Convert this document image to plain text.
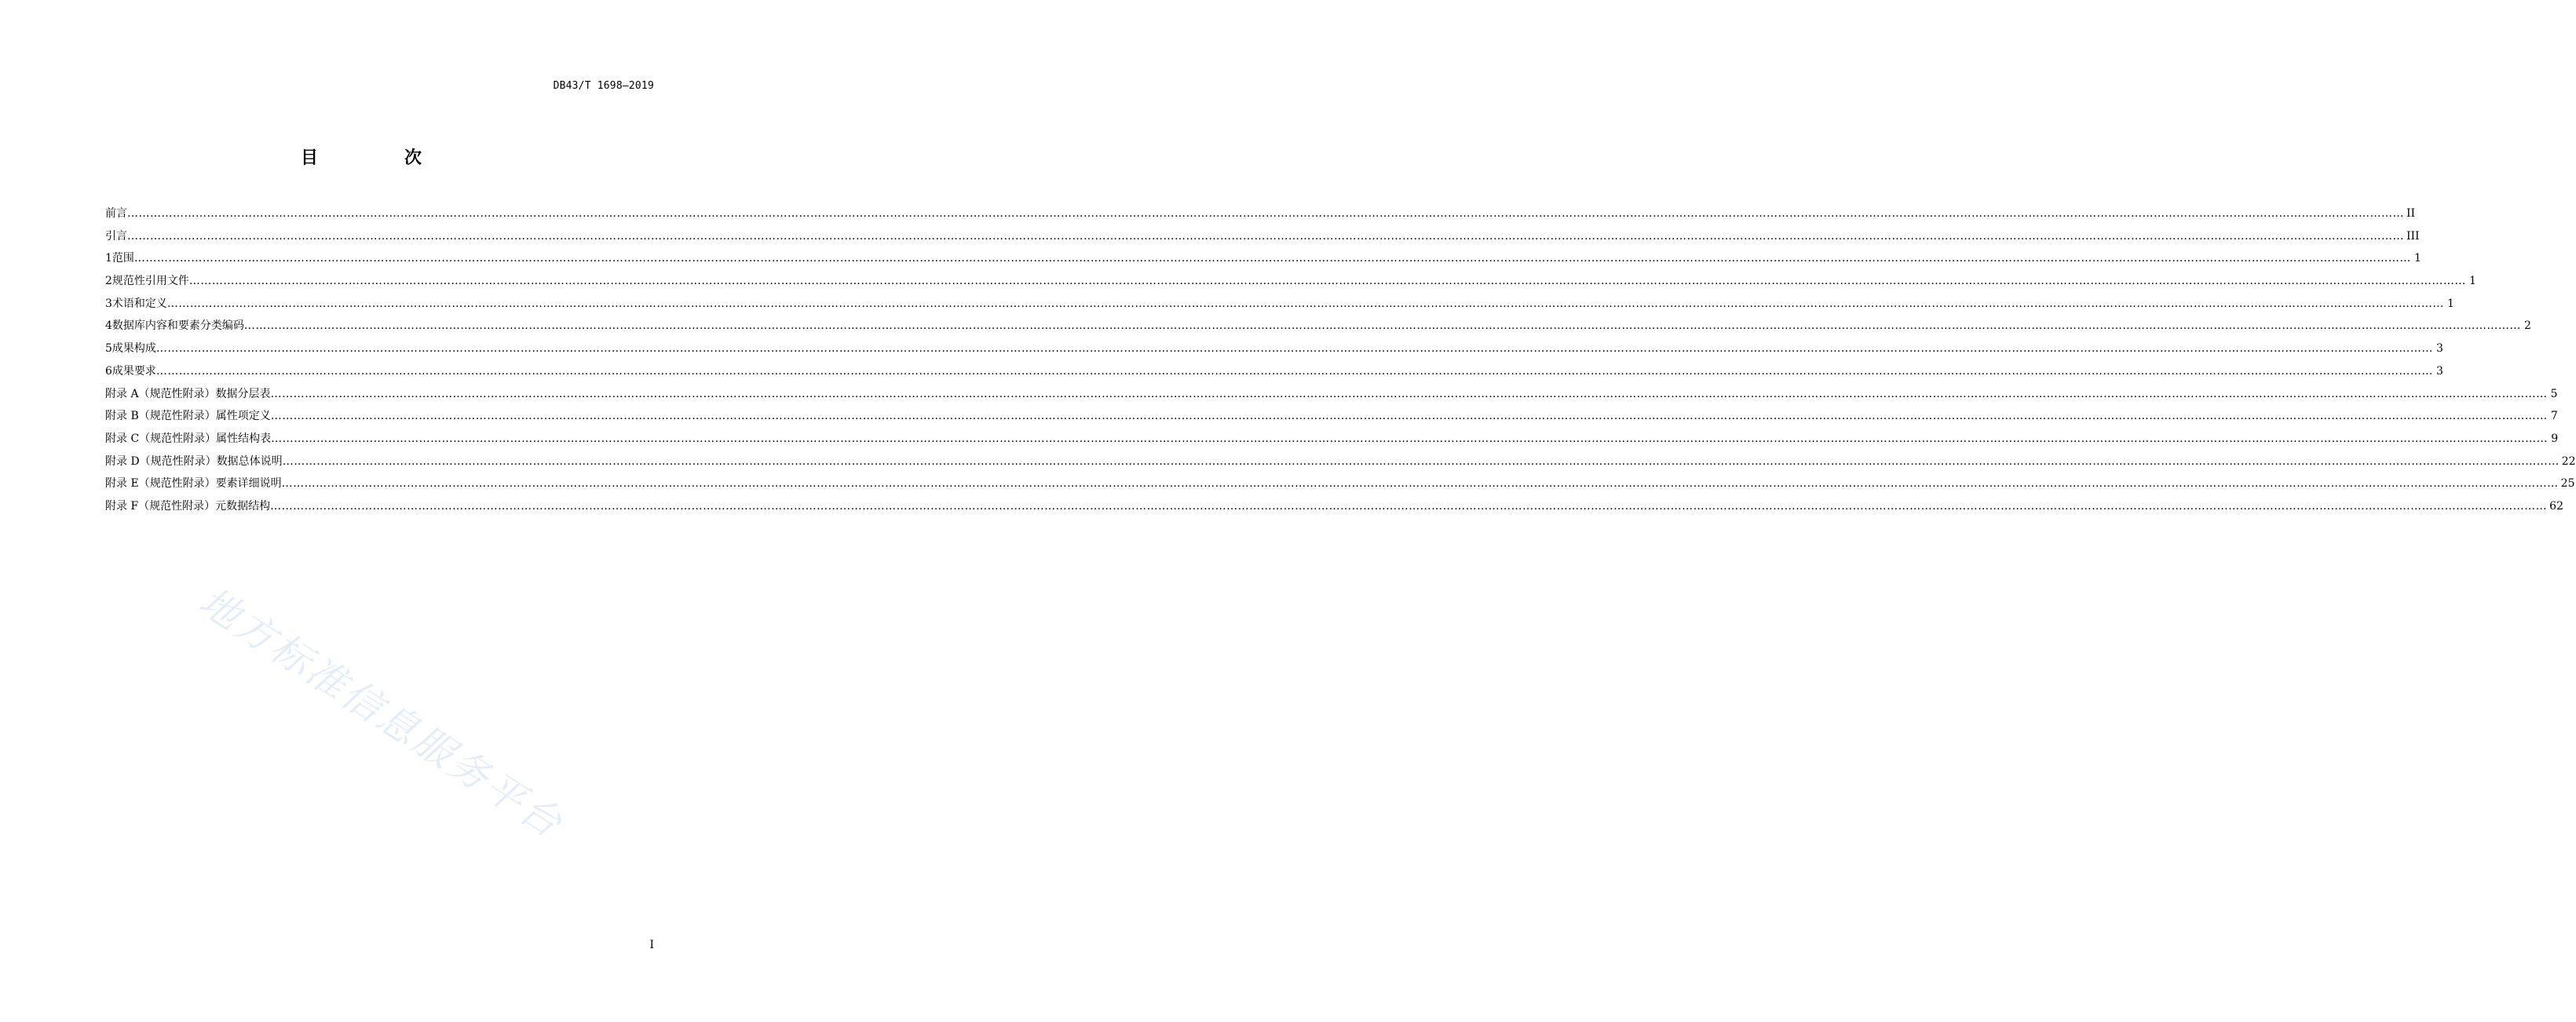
DB43/T 1698—2019
目　次
前言 …………………………………………………………………………………………………………………………………………………………………………………………………………………………………………………………………………………………………………………………………………………………………………………………………………………………………………………………………………………………………………………………………………………… II
引言 …………………………………………………………………………………………………………………………………………………………………………………………………………………………………………………………………………………………………………………………………………………………………………………………………………………………………………………………………………………………………………………………………………………… III
1 范围 …………………………………………………………………………………………………………………………………………………………………………………………………………………………………………………………………………………………………………………………………………………………………………………………………………………………………………………………………………………………………………………………………………………… 1
2 规范性引用文件 …………………………………………………………………………………………………………………………………………………………………………………………………………………………………………………………………………………………………………………………………………………………………………………………………………………………………………………………………………………………………………………………………………………… 1
3 术语和定义 …………………………………………………………………………………………………………………………………………………………………………………………………………………………………………………………………………………………………………………………………………………………………………………………………………………………………………………………………………………………………………………………………………………… 1
4 数据库内容和要素分类编码 …………………………………………………………………………………………………………………………………………………………………………………………………………………………………………………………………………………………………………………………………………………………………………………………………………………………………………………………………………………………………………………………………………………… 2
5 成果构成 …………………………………………………………………………………………………………………………………………………………………………………………………………………………………………………………………………………………………………………………………………………………………………………………………………………………………………………………………………………………………………………………………………………… 3
6 成果要求 …………………………………………………………………………………………………………………………………………………………………………………………………………………………………………………………………………………………………………………………………………………………………………………………………………………………………………………………………………………………………………………………………………………… 3
附录 A（规范性附录） 数据分层表 …………………………………………………………………………………………………………………………………………………………………………………………………………………………………………………………………………………………………………………………………………………………………………………………………………………………………………………………………………………………………………………………………………………… 5
附录 B（规范性附录） 属性项定义 …………………………………………………………………………………………………………………………………………………………………………………………………………………………………………………………………………………………………………………………………………………………………………………………………………………………………………………………………………………………………………………………………………………… 7
附录 C（规范性附录） 属性结构表 …………………………………………………………………………………………………………………………………………………………………………………………………………………………………………………………………………………………………………………………………………………………………………………………………………………………………………………………………………………………………………………………………………………… 9
附录 D（规范性附录） 数据总体说明 …………………………………………………………………………………………………………………………………………………………………………………………………………………………………………………………………………………………………………………………………………………………………………………………………………………………………………………………………………………………………………………………………………………… 22
附录 E（规范性附录） 要素详细说明 …………………………………………………………………………………………………………………………………………………………………………………………………………………………………………………………………………………………………………………………………………………………………………………………………………………………………………………………………………………………………………………………………………………… 25
附录 F（规范性附录） 元数据结构 …………………………………………………………………………………………………………………………………………………………………………………………………………………………………………………………………………………………………………………………………………………………………………………………………………………………………………………………………………………………………………………………………………………… 62
地方标准信息服务平台
I
